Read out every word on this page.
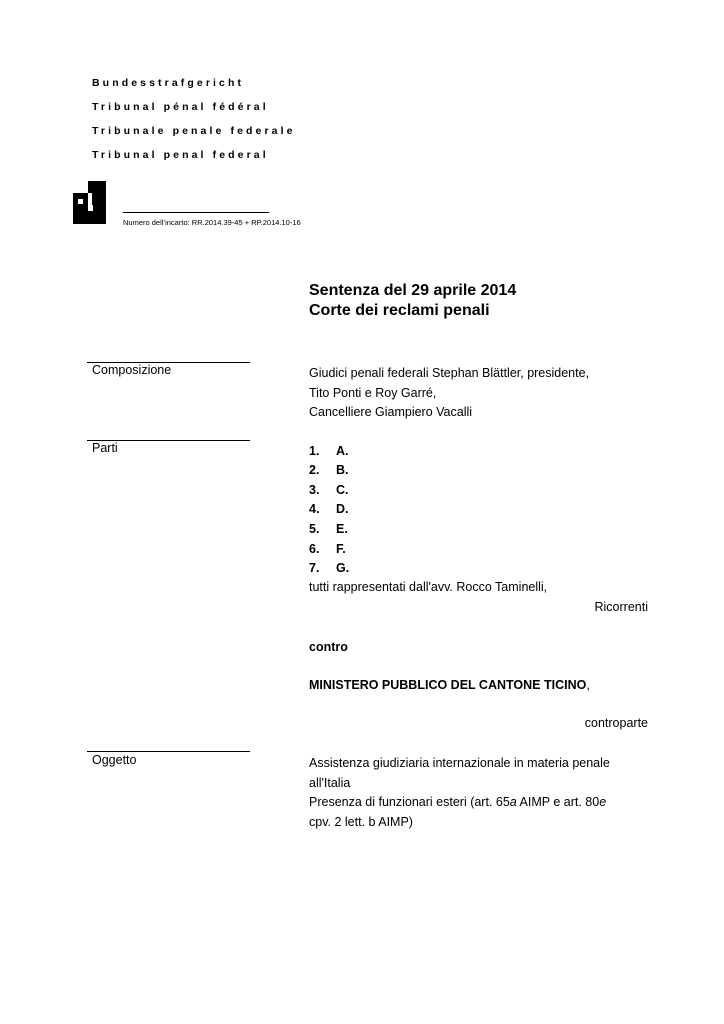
Bundesstrafgericht
Tribunal pénal fédéral
Tribunale penale federale
Tribunal penal federal
Numero dell’incarto: RR.2014.39-45 + RP.2014.10-16
Sentenza del 29 aprile 2014
Corte dei reclami penali
Composizione	Giudici penali federali Stephan Blättler, presidente,
Tito Ponti e Roy Garré,
Cancelliere Giampiero Vacalli
Parti	1. A.
2. B.
3. C.
4. D.
5. E.
6. F.
7. G.
tutti rappresentati dall'avv. Rocco Taminelli,
Ricorrenti
contro
MINISTERO PUBBLICO DEL CANTONE TICINO,
controparte
Oggetto	Assistenza giudiziaria internazionale in materia penale
all'Italia
Presenza di funzionari esteri (art. 65a AIMP e art. 80e
cpv. 2 lett. b AIMP)
